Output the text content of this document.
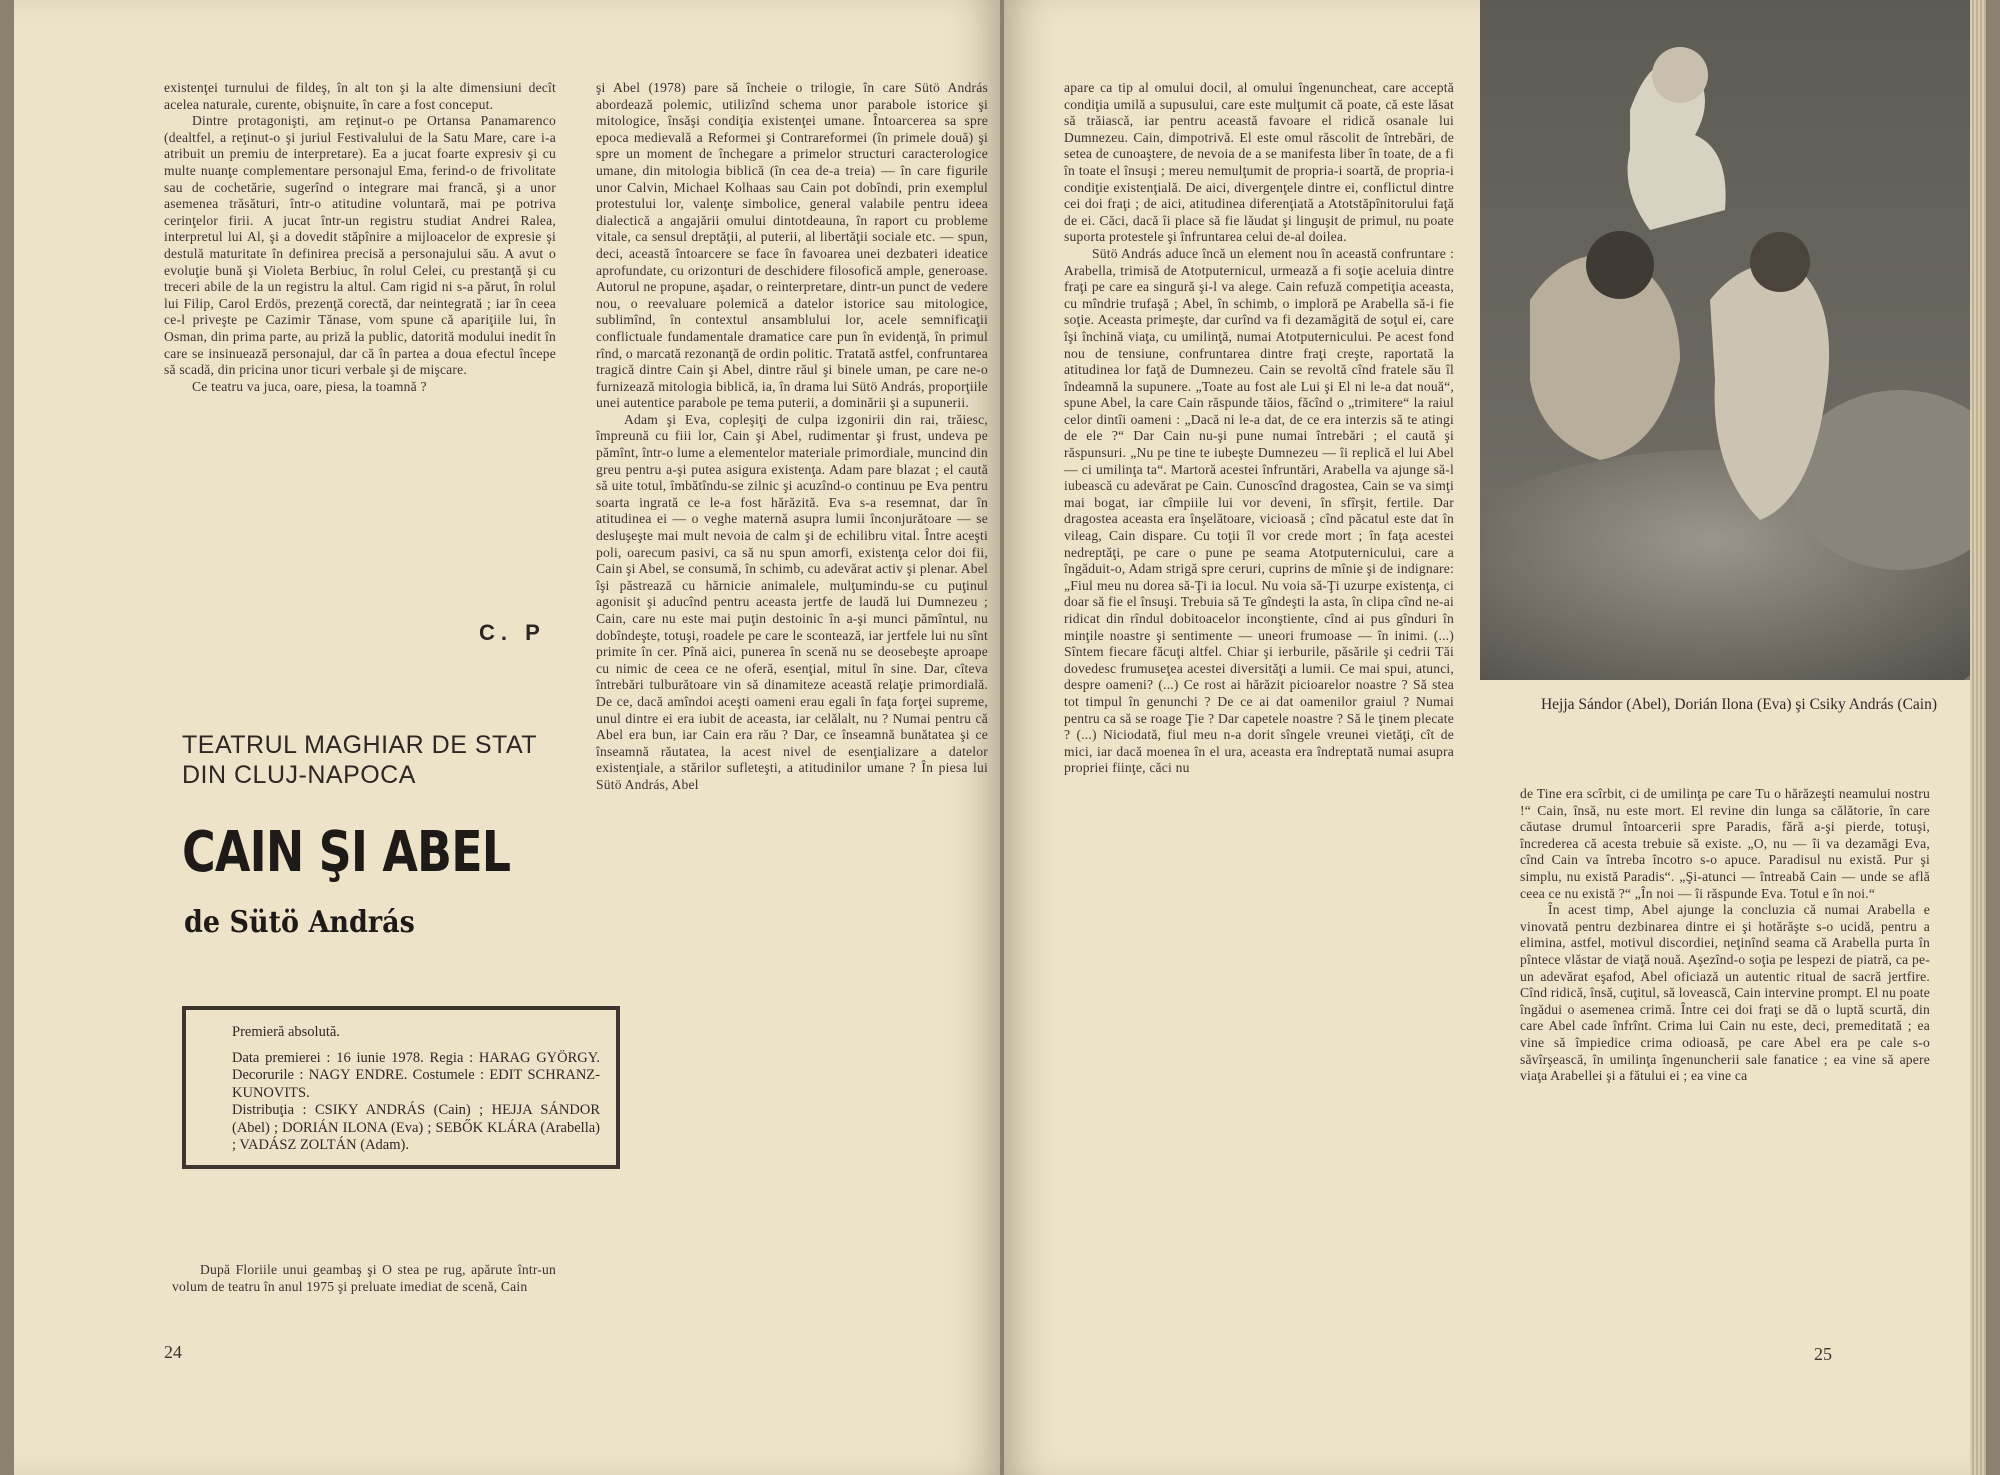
existenţei turnului de fildeş, în alt ton şi la alte dimensiuni decît acelea naturale, curente, obişnuite, în care a fost conceput.

Dintre protagonişti, am reţinut-o pe Ortansa Panamarenco (dealtfel, a reţinut-o şi juriul Festivalului de la Satu Mare, care i-a atribuit un premiu de interpretare). Ea a jucat foarte expresiv şi cu multe nuanţe complementare personajul Ema, ferind-o de frivolitate sau de cochetărie, sugerînd o integrare mai francă, şi a unor asemenea trăsături, într-o atitudine voluntară, mai pe potriva cerinţelor firii. A jucat într-un registru studiat Andrei Ralea, interpretul lui Al, şi a dovedit stăpînire a mijloacelor de expresie şi destulă maturitate în definirea precisă a personajului său. A avut o evoluţie bună şi Violeta Berbiuc, în rolul Celei, cu prestanţă şi cu treceri abile de la un registru la altul. Cam rigid ni s-a părut, în rolul lui Filip, Carol Erdös, prezenţă corectă, dar neintegrată ; iar în ceea ce-l priveşte pe Cazimir Tănase, vom spune că apariţiile lui, în Osman, din prima parte, au priză la public, datorită modului inedit în care se insinuează personajul, dar că în partea a doua efectul începe să scadă, din pricina unor ticuri verbale şi de mişcare.

Ce teatru va juca, oare, piesa, la toamnă ?

C. P
TEATRUL MAGHIAR DE STAT DIN CLUJ-NAPOCA
CAIN ŞI ABEL
de Sütö András

Premieră absolută.

Data premierei : 16 iunie 1978. Regia : HARAG GYÖRGY. Decorurile : NAGY ENDRE. Costumele : EDIT SCHRANZ-KUNOVITS.

Distribuţia : CSIKY ANDRÁS (Cain) ; HEJJA SÁNDOR (Abel) ; DORIÁN ILONA (Eva) ; SEBŐK KLÁRA (Arabella) ; VADÁSZ ZOLTÁN (Adam).

După Floriile unui geambaş şi O stea pe rug, apărute într-un volum de teatru în anul 1975 şi preluate imediat de scenă, Cain

şi Abel (1978) pare să încheie o trilogie, în care Sütö András abordează polemic, utilizînd schema unor parabole istorice şi mitologice, însăşi condiţia existenţei umane. Întoarcerea sa spre epoca medievală a Reformei şi Contrareformei (în primele două) şi spre un moment de închegare a primelor structuri caracterologice umane, din mitologia biblică (în cea de-a treia) — în care figurile unor Calvin, Michael Kolhaas sau Cain pot dobîndi, prin exemplul protestului lor, valenţe simbolice, general valabile pentru ideea dialectică a angajării omului dintotdeauna, în raport cu probleme vitale, ca sensul dreptăţii, al puterii, al libertăţii sociale etc. — spun, deci, această întoarcere se face în favoarea unei dezbateri ideatice aprofundate, cu orizonturi de deschidere filosofică ample, generoase. Autorul ne propune, aşadar, o reinterpretare, dintr-un punct de vedere nou, o reevaluare polemică a datelor istorice sau mitologice, sublimînd, în contextul ansamblului lor, acele semnificaţii conflictuale fundamentale dramatice care pun în evidenţă, în primul rînd, o marcată rezonanţă de ordin politic. Tratată astfel, confruntarea tragică dintre Cain şi Abel, dintre răul şi binele uman, pe care ne-o furnizează mitologia biblică, ia, în drama lui Sütö András, proporţiile unei autentice parabole pe tema puterii, a dominării şi a supunerii.

Adam şi Eva, copleşiţi de culpa izgonirii din rai, trăiesc, împreună cu fiii lor, Cain şi Abel, rudimentar şi frust, undeva pe pămînt, într-o lume a elementelor materiale primordiale, muncind din greu pentru a-şi putea asigura existenţa. Adam pare blazat ; el caută să uite totul, îmbătîndu-se zilnic şi acuzînd-o continuu pe Eva pentru soarta ingrată ce le-a fost hărăzită. Eva s-a resemnat, dar în atitudinea ei — o veghe maternă asupra lumii înconjurătoare — se desluşeşte mai mult nevoia de calm şi de echilibru vital. Între aceşti poli, oarecum pasivi, ca să nu spun amorfi, existenţa celor doi fii, Cain şi Abel, se consumă, în schimb, cu adevărat activ şi plenar. Abel îşi păstrează cu hărnicie animalele, mulţumindu-se cu puţinul agonisit şi aducînd pentru aceasta jertfe de laudă lui Dumnezeu ; Cain, care nu este mai puţin destoinic în a-şi munci pămîntul, nu dobîndeşte, totuşi, roadele pe care le scontează, iar jertfele lui nu sînt primite în cer. Pînă aici, punerea în scenă nu se deosebeşte aproape cu nimic de ceea ce ne oferă, esenţial, mitul în sine. Dar, cîteva întrebări tulburătoare vin să dinamiteze această relaţie primordială. De ce, dacă amîndoi aceşti oameni erau egali în faţa forţei supreme, unul dintre ei era iubit de aceasta, iar celălalt, nu ? Numai pentru că Abel era bun, iar Cain era rău ? Dar, ce înseamnă bunătatea şi ce înseamnă răutatea, la acest nivel de esenţializare a datelor existenţiale, a stărilor sufleteşti, a atitudinilor umane ? În piesa lui Sütö András, Abel

24

apare ca tip al omului docil, al omului îngenuncheat, care acceptă condiţia umilă a supusului, care este mulţumit că poate, că este lăsat să trăiască, iar pentru această favoare el ridică osanale lui Dumnezeu. Cain, dimpotrivă. El este omul răscolit de întrebări, de setea de cunoaştere, de nevoia de a se manifesta liber în toate, de a fi în toate el însuşi ; mereu nemulţumit de propria-i soartă, de propria-i condiţie existenţială. De aici, divergenţele dintre ei, conflictul dintre cei doi fraţi ; de aici, atitudinea diferenţiată a Atotstăpînitorului faţă de ei. Căci, dacă îi place să fie lăudat şi linguşit de primul, nu poate suporta protestele şi înfruntarea celui de-al doilea.

Sütö András aduce încă un element nou în această confruntare : Arabella, trimisă de Atotputernicul, urmează a fi soţie aceluia dintre fraţi pe care ea singură şi-l va alege. Cain refuză competiţia aceasta, cu mîndrie trufaşă ; Abel, în schimb, o imploră pe Arabella să-i fie soţie. Aceasta primeşte, dar curînd va fi dezamăgită de soţul ei, care îşi închină viaţa, cu umilinţă, numai Atotputernicului. Pe acest fond nou de tensiune, confruntarea dintre fraţi creşte, raportată la atitudinea lor faţă de Dumnezeu. Cain se revoltă cînd fratele său îl îndeamnă la supunere. „Toate au fost ale Lui şi El ni le-a dat nouă“, spune Abel, la care Cain răspunde tăios, făcînd o „trimitere“ la raiul celor dintîi oameni : „Dacă ni le-a dat, de ce era interzis să te atingi de ele ?“ Dar Cain nu-şi pune numai întrebări ; el caută şi răspunsuri. „Nu pe tine te iubeşte Dumnezeu — îi replică el lui Abel — ci umilinţa ta“. Martoră acestei înfruntări, Arabella va ajunge să-l iubească cu adevărat pe Cain. Cunoscînd dragostea, Cain se va simţi mai bogat, iar cîmpiile lui vor deveni, în sfîrşit, fertile. Dar dragostea aceasta era înşelătoare, vicioasă ; cînd păcatul este dat în vileag, Cain dispare. Cu toţii îl vor crede mort ; în faţa acestei nedreptăţi, pe care o pune pe seama Atotputernicului, care a îngăduit-o, Adam strigă spre ceruri, cuprins de mînie şi de indignare: „Fiul meu nu dorea să-Ţi ia locul. Nu voia să-Ţi uzurpe existenţa, ci doar să fie el însuşi. Trebuia să Te gîndeşti la asta, în clipa cînd ne-ai ridicat din rîndul dobitoacelor inconştiente, cînd ai pus gînduri în minţile noastre şi sentimente — uneori frumoase — în inimi. (...) Sîntem fiecare făcuţi altfel. Chiar şi ierburile, păsările şi cedrii Tăi dovedesc frumuseţea acestei diversităţi a lumii. Ce mai spui, atunci, despre oameni? (...) Ce rost ai hărăzit picioarelor noastre ? Să stea tot timpul în genunchi ? De ce ai dat oamenilor graiul ? Numai pentru ca să se roage Ţie ? Dar capetele noastre ? Să le ţinem plecate ? (...) Niciodată, fiul meu n-a dorit sîngele vreunei vietăţi, cît de mici, iar dacă moenea în el ura, aceasta era îndreptată numai asupra propriei fiinţe, căci nu

Hejja Sándor (Abel), Dorián Ilona (Eva) şi Csiky András (Cain)

de Tine era scîrbit, ci de umilinţa pe care Tu o hărăzeşti neamului nostru !“ Cain, însă, nu este mort. El revine din lunga sa călătorie, în care căutase drumul întoarcerii spre Paradis, fără a-şi pierde, totuşi, încrederea că acesta trebuie să existe. „O, nu — îi va dezamăgi Eva, cînd Cain va întreba încotro s-o apuce. Paradisul nu există. Pur şi simplu, nu există Paradis“. „Şi-atunci — întreabă Cain — unde se află ceea ce nu există ?“ „În noi — îi răspunde Eva. Totul e în noi.“

În acest timp, Abel ajunge la concluzia că numai Arabella e vinovată pentru dezbinarea dintre ei şi hotărăşte s-o ucidă, pentru a elimina, astfel, motivul discordiei, neţinînd seama că Arabella purta în pîntece vlăstar de viaţă nouă. Aşezînd-o soţia pe lespezi de piatră, ca pe-un adevărat eşafod, Abel oficiază un autentic ritual de sacră jertfire. Cînd ridică, însă, cuţitul, să lovească, Cain intervine prompt. El nu poate îngădui o asemenea crimă. Între cei doi fraţi se dă o luptă scurtă, din care Abel cade înfrînt. Crima lui Cain nu este, deci, premeditată ; ea vine să împiedice crima odioasă, pe care Abel era pe cale s-o săvîrşească, în umilinţa îngenuncherii sale fanatice ; ea vine să apere viaţa Arabellei şi a fătului ei ; ea vine ca

25
